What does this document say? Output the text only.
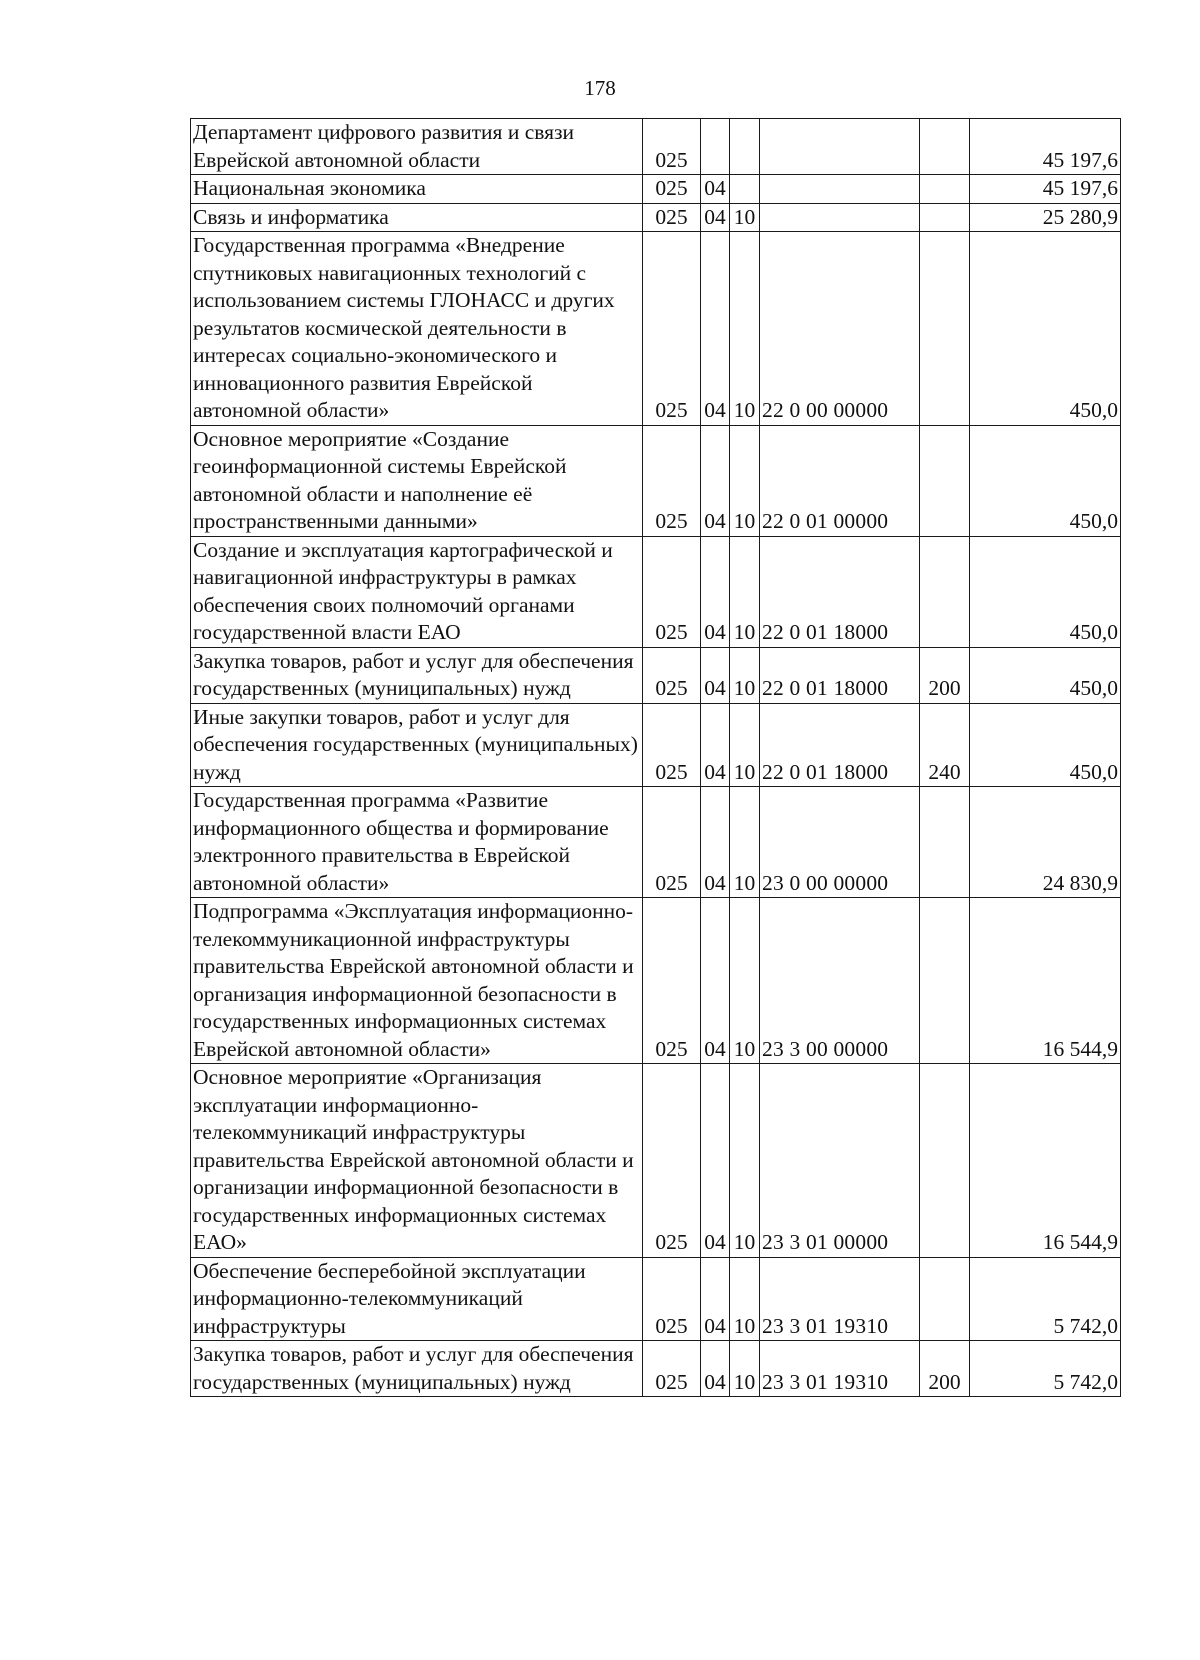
178
Департамент цифрового развития и связи Еврейской автономной области	025					45 197,6
Национальная экономика	025	04				45 197,6
Связь и информатика	025	04	10			25 280,9
Государственная программа «Внедрение спутниковых навигационных технологий с использованием системы ГЛОНАСС и других результатов космической деятельности в интересах социально-экономического и инновационного развития Еврейской автономной области»	025	04	10	22 0 00 00000		450,0
Основное мероприятие «Создание геоинформационной системы Еврейской автономной области и наполнение её пространственными данными»	025	04	10	22 0 01 00000		450,0
Создание и эксплуатация картографической и навигационной инфраструктуры в рамках обеспечения своих полномочий органами государственной власти ЕАО	025	04	10	22 0 01 18000		450,0
Закупка товаров, работ и услуг для обеспечения государственных (муниципальных) нужд	025	04	10	22 0 01 18000	200	450,0
Иные закупки товаров, работ и услуг для обеспечения государственных (муниципальных) нужд	025	04	10	22 0 01 18000	240	450,0
Государственная программа «Развитие информационного общества и формирование электронного правительства в Еврейской автономной области»	025	04	10	23 0 00 00000		24 830,9
Подпрограмма «Эксплуатация информационно-телекоммуникационной инфраструктуры правительства Еврейской автономной области и организация информационной безопасности в государственных информационных системах Еврейской автономной области»	025	04	10	23 3 00 00000		16 544,9
Основное мероприятие «Организация эксплуатации информационно-телекоммуникаций инфраструктуры правительства Еврейской автономной области и организации информационной безопасности в государственных информационных системах ЕАО»	025	04	10	23 3 01 00000		16 544,9
Обеспечение бесперебойной эксплуатации информационно-телекоммуникаций инфраструктуры	025	04	10	23 3 01 19310		5 742,0
Закупка товаров, работ и услуг для обеспечения государственных (муниципальных) нужд	025	04	10	23 3 01 19310	200	5 742,0
